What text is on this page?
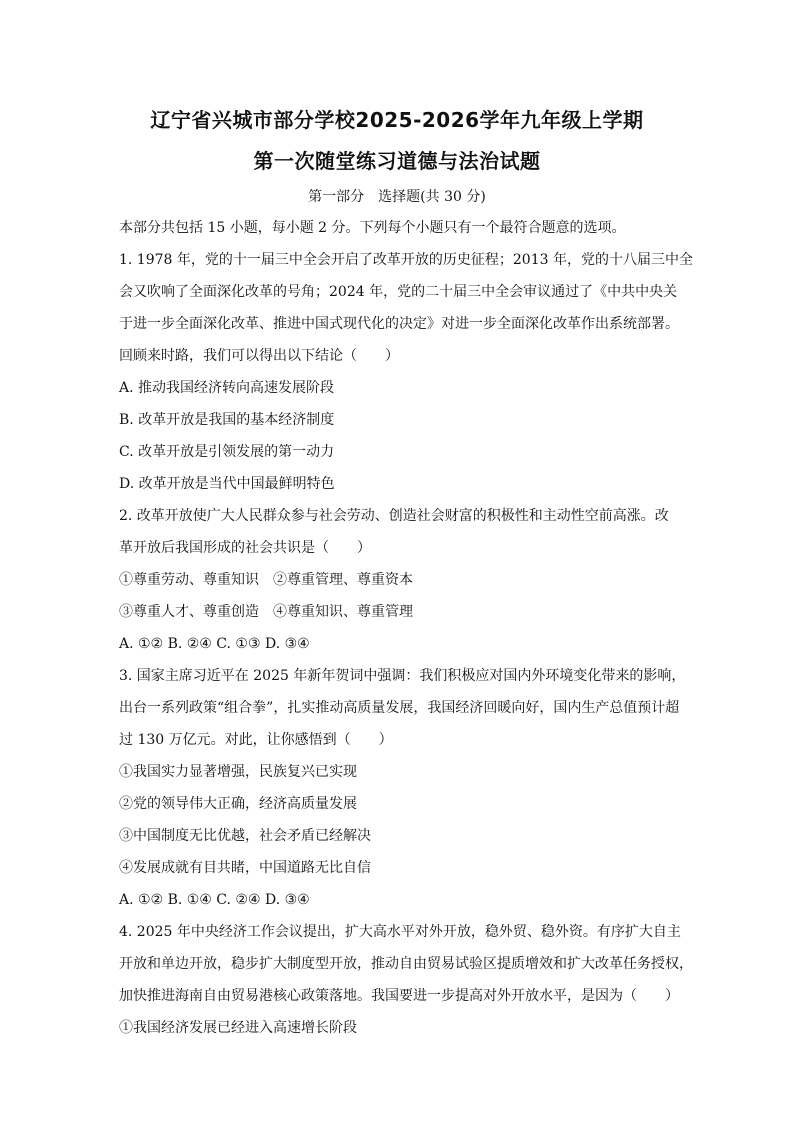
辽宁省兴城市部分学校2025-2026学年九年级上学期
第一次随堂练习道德与法治试题
第一部分　选择题(共 30 分)
本部分共包括 15 小题，每小题 2 分。下列每个小题只有一个最符合题意的选项。
1. 1978 年，党的十一届三中全会开启了改革开放的历史征程；2013 年，党的十八届三中全
会又吹响了全面深化改革的号角；2024 年，党的二十届三中全会审议通过了《中共中央关
于进一步全面深化改革、推进中国式现代化的决定》对进一步全面深化改革作出系统部署。
回顾来时路，我们可以得出以下结论（　　）
A. 推动我国经济转向高速发展阶段
B. 改革开放是我国的基本经济制度
C. 改革开放是引领发展的第一动力
D. 改革开放是当代中国最鲜明特色
2. 改革开放使广大人民群众参与社会劳动、创造社会财富的积极性和主动性空前高涨。改
革开放后我国形成的社会共识是（　　）
①尊重劳动、尊重知识　②尊重管理、尊重资本
③尊重人才、尊重创造　④尊重知识、尊重管理
A. ①② B. ②④ C. ①③ D. ③④
3. 国家主席习近平在 2025 年新年贺词中强调：我们积极应对国内外环境变化带来的影响，
出台一系列政策“组合拳”，扎实推动高质量发展，我国经济回暖向好，国内生产总值预计超
过 130 万亿元。对此，让你感悟到（　　）
①我国实力显著增强，民族复兴已实现
②党的领导伟大正确，经济高质量发展
③中国制度无比优越，社会矛盾已经解决
④发展成就有目共睹，中国道路无比自信
A. ①② B. ①④ C. ②④ D. ③④
4. 2025 年中央经济工作会议提出，扩大高水平对外开放，稳外贸、稳外资。有序扩大自主
开放和单边开放，稳步扩大制度型开放，推动自由贸易试验区提质增效和扩大改革任务授权，
加快推进海南自由贸易港核心政策落地。我国要进一步提高对外开放水平，是因为（　　）
①我国经济发展已经进入高速增长阶段
